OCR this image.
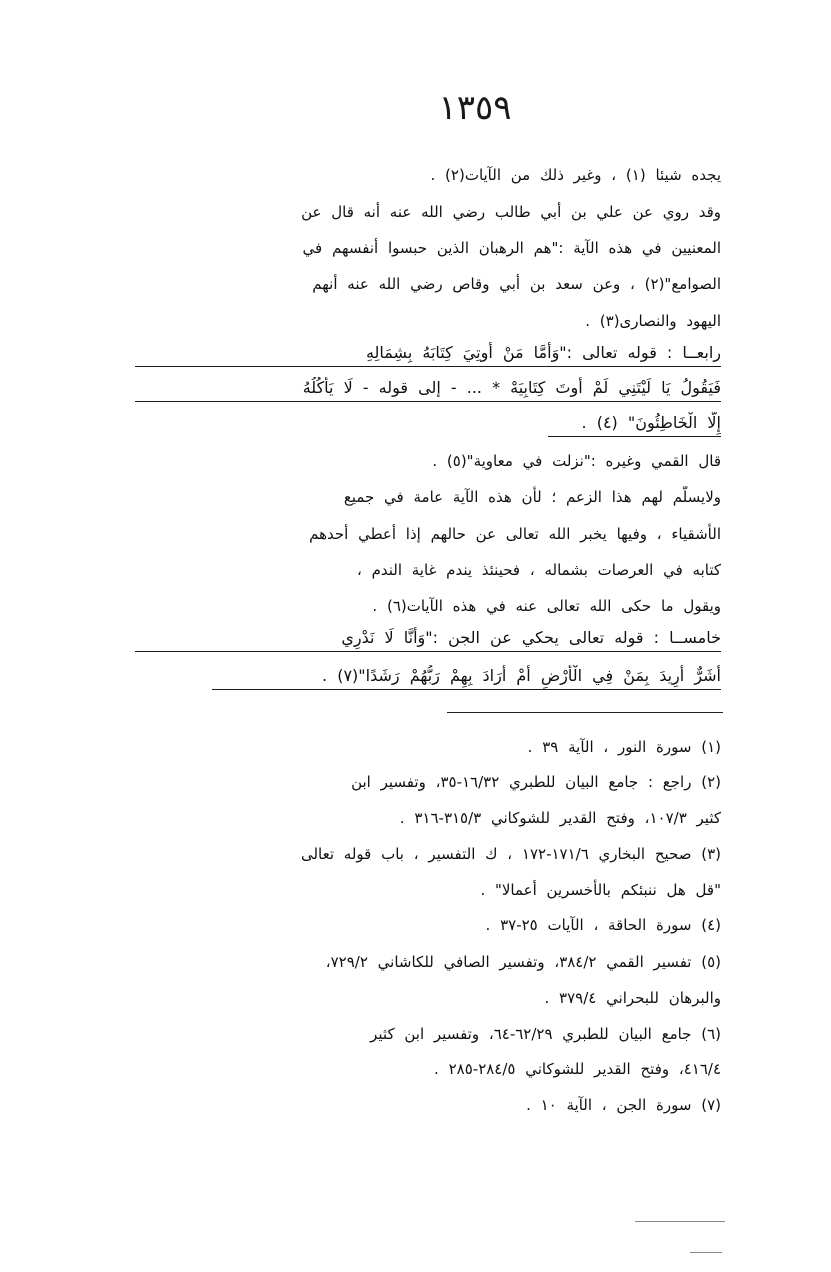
١٣٥٩
يجده شيئا (١) ، وغير ذلك من الآيات(٢) .
وقد روي عن علي بن أبي طالب رضي الله عنه أنه قال عن
المعنيين في هذه الآية :"هم الرهبان الذين حبسوا أنفسهم في
الصوامع"(٢) ، وعن سعد بن أبي وقاص رضي الله عنه أنهم
اليهود والنصارى(٣) .
رابعــا : قوله تعالى :"وَأَمَّا مَنْ أُوتِيَ كِتَابَهُ بِشِمَالِهِ
فَيَقُولُ يَا لَيْتَنِي لَمْ أُوتَ كِتَابِيَهْ * ... - إلى قوله - لَا يَأْكُلُهُ
إِلَّا الْخَاطِئُونَ" (٤) .
قال القمي وغيره :"نزلت في معاوية"(٥) .
ولايسلّم لهم هذا الزعم ؛ لأن هذه الآية عامة في جميع
الأشقياء ، وفيها يخبر الله تعالى عن حالهم إذا أعطي أحدهم
كتابه في العرصات بشماله ، فحينئذ يندم غاية الندم ،
ويقول ما حكى الله تعالى عنه في هذه الآيات(٦) .
خامســا : قوله تعالى يحكي عن الجن :"وَأَنَّا لَا نَدْرِي
أَشَرٌّ أُرِيدَ بِمَنْ فِي الْأَرْضِ أَمْ أَرَادَ بِهِمْ رَبُّهُمْ رَشَدًا"(٧) .
(١) سورة النور ، الآية ٣٩ .
(٢) راجع : جامع البيان للطبري ١٦/٣٢-٣٥، وتفسير ابن
كثير ١٠٧/٣، وفتح القدير للشوكاني ٣١٥/٣-٣١٦ .
(٣) صحيح البخاري ١٧١/٦-١٧٢ ، ك التفسير ، باب قوله تعالى
"قل هل ننبئكم بالأخسرين أعمالا" .
(٤) سورة الحاقة ، الآيات ٢٥-٣٧ .
(٥) تفسير القمي ٣٨٤/٢، وتفسير الصافي للكاشاني ٧٢٩/٢،
والبرهان للبحراني ٣٧٩/٤ .
(٦) جامع البيان للطبري ٦٢/٢٩-٦٤، وتفسير ابن كثير
٤١٦/٤، وفتح القدير للشوكاني ٢٨٤/٥-٢٨٥ .
(٧) سورة الجن ، الآية ١٠ .
